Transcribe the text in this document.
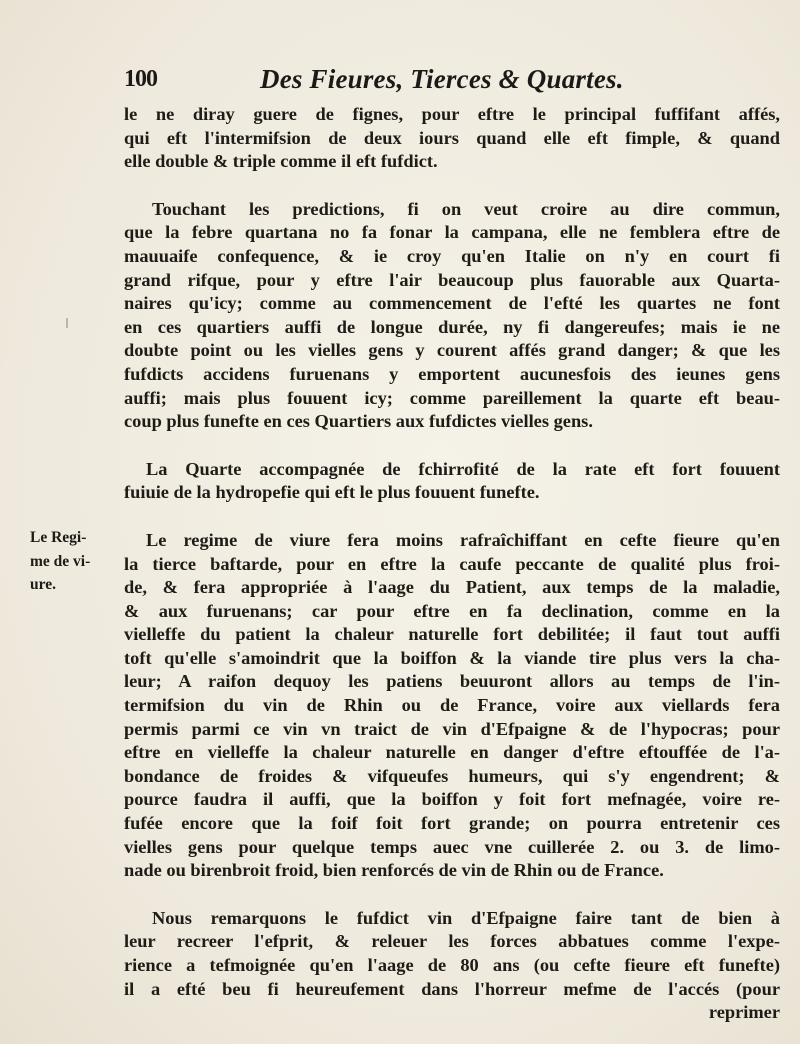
100	Des Fieures, Tierces & Quartes.
Le Regi-
me de vi-
ure.

le ne diray guere de fignes, pour eftre le principal fuffifant affés,
qui eft l'intermifsion de deux iours quand elle eft fimple, & quand
elle double & triple comme il eft fufdict.

Touchant les predictions, fi on veut croire au dire commun,
que la febre quartana no fa fonar la campana, elle ne femblera eftre de
mauuaife confequence, & ie croy qu'en Italie on n'y en court fi
grand rifque, pour y eftre l'air beaucoup plus fauorable aux Quarta-
naires qu'icy; comme au commencement de l'efté les quartes ne font
en ces quartiers auffi de longue durée, ny fi dangereufes; mais ie ne
doubte point ou les vielles gens y courent affés grand danger; & que les
fufdicts accidens furuenans y emportent aucunesfois des ieunes gens
auffi; mais plus fouuent icy; comme pareillement la quarte eft beau-
coup plus funefte en ces Quartiers aux fufdictes vielles gens.

La Quarte accompagnée de fchirrofité de la rate eft fort fouuent
fuiuie de la hydropefie qui eft le plus fouuent funefte.

Le regime de viure fera moins rafraîchiffant en cefte fieure qu'en
la tierce baftarde, pour en eftre la caufe peccante de qualité plus froi-
de, & fera appropriée à l'aage du Patient, aux temps de la maladie,
& aux furuenans; car pour eftre en fa declination, comme en la
vielleffe du patient la chaleur naturelle fort debilitée; il faut tout auffi
toft qu'elle s'amoindrit que la boiffon & la viande tire plus vers la cha-
leur; A raifon dequoy les patiens beuuront allors au temps de l'in-
termifsion du vin de Rhin ou de France, voire aux viellards fera
permis parmi ce vin vn traict de vin d'Efpaigne & de l'hypocras; pour
eftre en vielleffe la chaleur naturelle en danger d'eftre eftouffée de l'a-
bondance de froides & vifqueufes humeurs, qui s'y engendrent; &
pource faudra il auffi, que la boiffon y foit fort mefnagée, voire re-
fufée encore que la foif foit fort grande; on pourra entretenir ces
vielles gens pour quelque temps auec vne cuillerée 2. ou 3. de limo-
nade ou birenbroit froid, bien renforcés de vin de Rhin ou de France.

Nous remarquons le fufdict vin d'Efpaigne faire tant de bien à
leur recreer l'efprit, & releuer les forces abbatues comme l'expe-
rience a tefmoignée qu'en l'aage de 80 ans (ou cefte fieure eft funefte)
il a efté beu fi heureufement dans l'horreur mefme de l'accés (pour
reprimer
